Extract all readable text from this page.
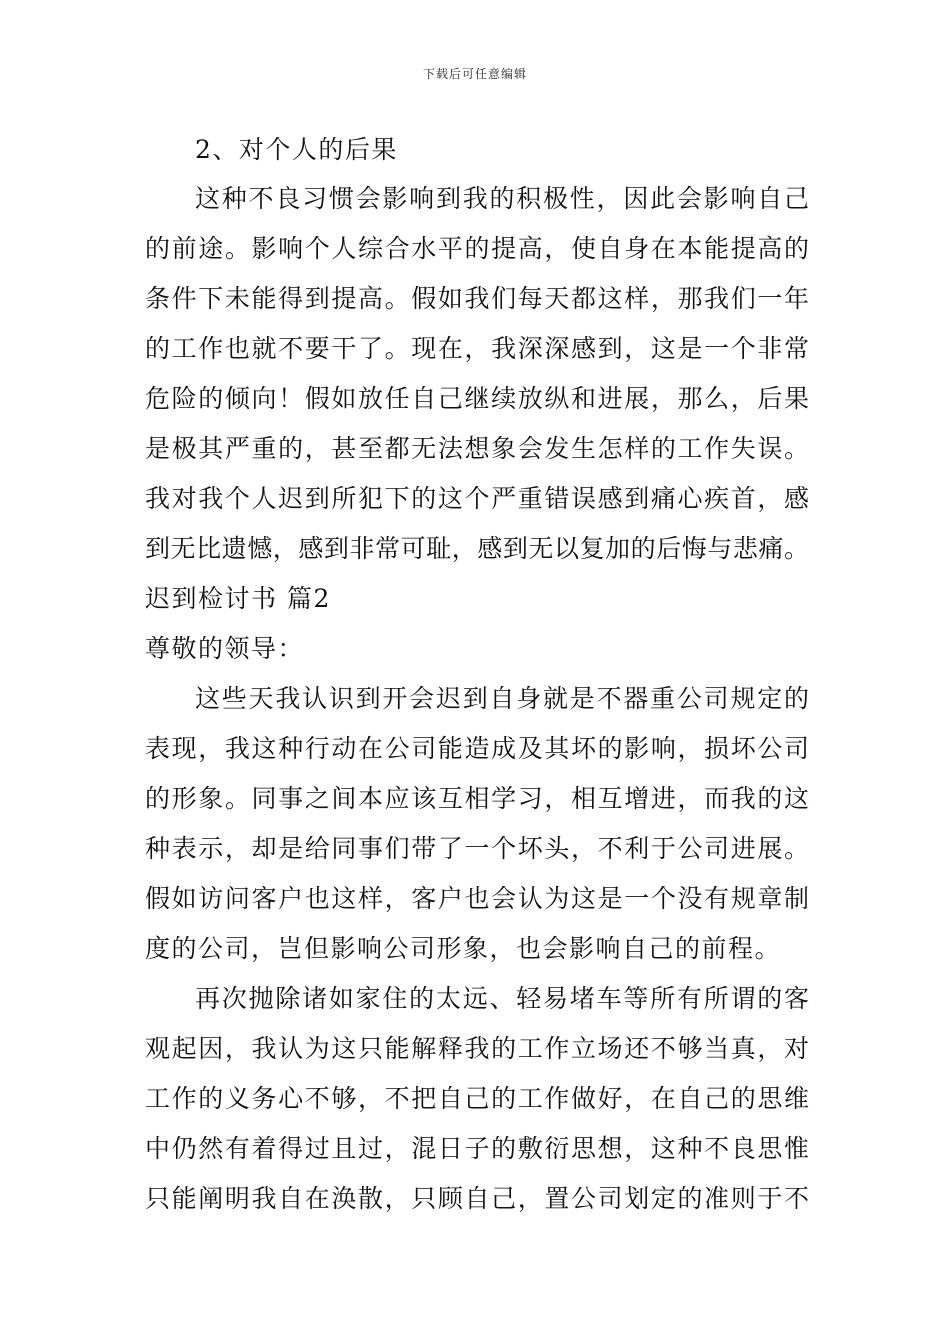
下载后可任意编辑
2、对个人的后果
这种不良习惯会影响到我的积极性，因此会影响自己
的前途。影响个人综合水平的提高，使自身在本能提高的
条件下未能得到提高。假如我们每天都这样，那我们一年
的工作也就不要干了。现在，我深深感到，这是一个非常
危险的倾向！假如放任自己继续放纵和进展，那么，后果
是极其严重的，甚至都无法想象会发生怎样的工作失误。
我对我个人迟到所犯下的这个严重错误感到痛心疾首，感
到无比遗憾，感到非常可耻，感到无以复加的后悔与悲痛。
迟到检讨书 篇2
尊敬的领导：
这些天我认识到开会迟到自身就是不器重公司规定的
表现，我这种行动在公司能造成及其坏的影响，损坏公司
的形象。同事之间本应该互相学习，相互增进，而我的这
种表示，却是给同事们带了一个坏头，不利于公司进展。
假如访问客户也这样，客户也会认为这是一个没有规章制
度的公司，岂但影响公司形象，也会影响自己的前程。
再次抛除诸如家住的太远、轻易堵车等所有所谓的客
观起因，我认为这只能解释我的工作立场还不够当真，对
工作的义务心不够，不把自己的工作做好，在自己的思维
中仍然有着得过且过，混日子的敷衍思想，这种不良思惟
只能阐明我自在涣散，只顾自己，置公司划定的准则于不
